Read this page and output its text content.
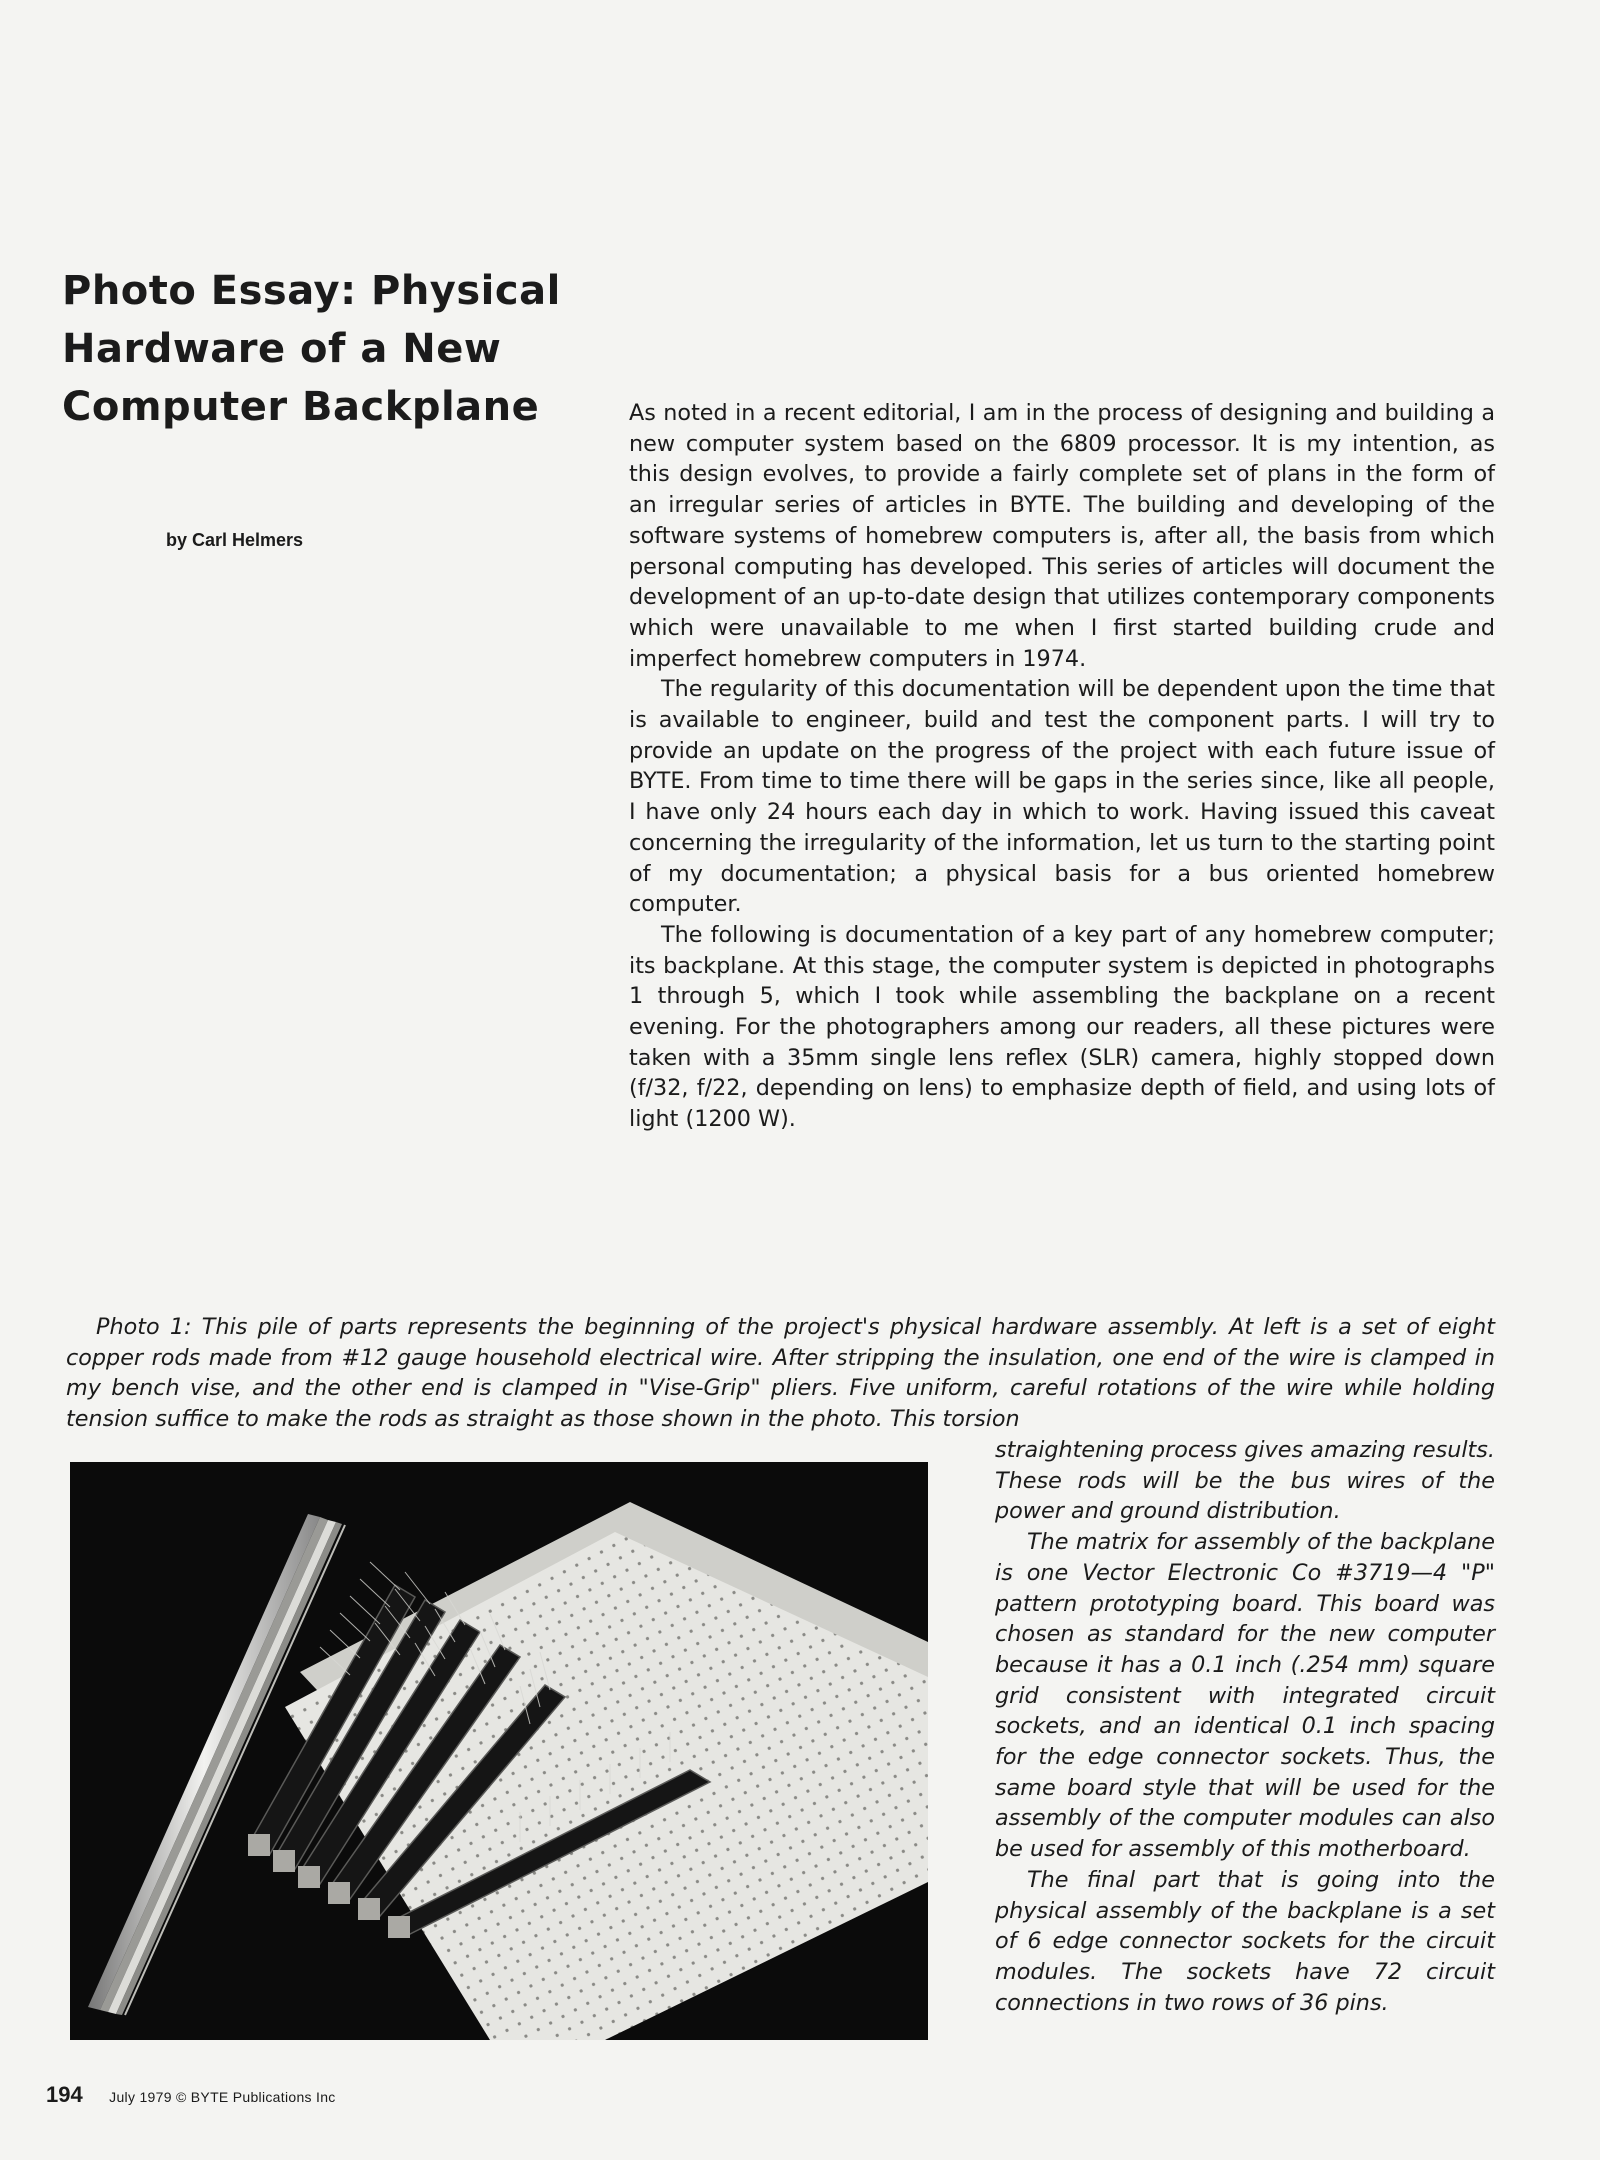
Photo Essay: Physical
Hardware of a New
Computer Backplane
by Carl Helmers

As noted in a recent editorial, I am in the process of designing and building a new computer system based on the 6809 processor. It is my intention, as this design evolves, to provide a fairly complete set of plans in the form of an irregular series of articles in BYTE. The building and developing of the software systems of homebrew computers is, after all, the basis from which personal computing has developed. This series of articles will document the development of an up-to-date design that utilizes contemporary components which were unavailable to me when I first started building crude and imperfect homebrew computers in 1974.

The regularity of this documentation will be dependent upon the time that is available to engineer, build and test the component parts. I will try to provide an update on the progress of the project with each future issue of BYTE. From time to time there will be gaps in the series since, like all people, I have only 24 hours each day in which to work. Having issued this caveat concerning the irregularity of the information, let us turn to the starting point of my documentation; a physical basis for a bus oriented homebrew computer.

The following is documentation of a key part of any homebrew computer; its backplane. At this stage, the computer system is depicted in photographs 1 through 5, which I took while assembling the backplane on a recent evening. For the photographers among our readers, all these pictures were taken with a 35mm single lens reflex (SLR) camera, highly stopped down (f/32, f/22, depending on lens) to emphasize depth of field, and using lots of light (1200 W).

Photo 1: This pile of parts represents the beginning of the project's physical hardware assembly. At left is a set of eight copper rods made from #12 gauge household electrical wire. After stripping the insulation, one end of the wire is clamped in my bench vise, and the other end is clamped in "Vise-Grip" pliers. Five uniform, careful rotations of the wire while holding tension suffice to make the rods as straight as those shown in the photo. This torsion

straightening process gives amazing results. These rods will be the bus wires of the power and ground distribution.

The matrix for assembly of the backplane is one Vector Electronic Co #3719—4 "P" pattern prototyping board. This board was chosen as standard for the new computer because it has a 0.1 inch (.254 mm) square grid consistent with integrated circuit sockets, and an identical 0.1 inch spacing for the edge connector sockets. Thus, the same board style that will be used for the assembly of the computer modules can also be used for assembly of this motherboard.

The final part that is going into the physical assembly of the backplane is a set of 6 edge connector sockets for the circuit modules. The sockets have 72 circuit connections in two rows of 36 pins.

194 July 1979 © BYTE Publications Inc
